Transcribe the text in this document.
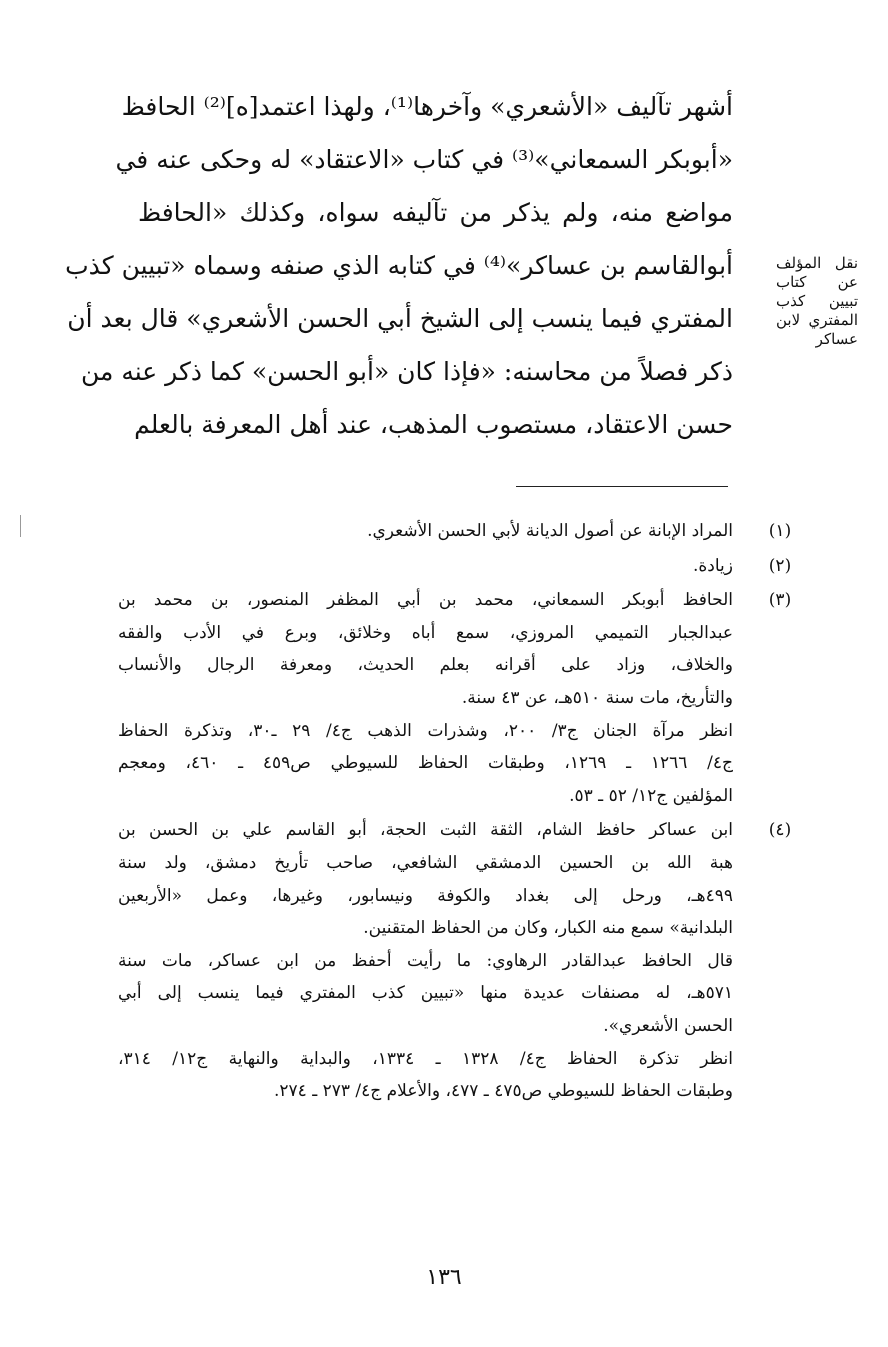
أشهر تآليف «الأشعري» وآخرها⁽¹⁾، ولهذا اعتمد[ه]⁽²⁾ الحافظ
«أبوبكر السمعاني»⁽³⁾ في كتاب «الاعتقاد» له وحكى عنه في
مواضع منه، ولم يذكر من تآليفه سواه، وكذلك «الحافظ
أبوالقاسم بن عساكر»⁽⁴⁾ في كتابه الذي صنفه وسماه «تبيين كذب
المفتري فيما ينسب إلى الشيخ أبي الحسن الأشعري» قال بعد أن
ذكر فصلاً من محاسنه: «فإذا كان «أبو الحسن» كما ذكر عنه من
حسن الاعتقاد، مستصوب المذهب، عند أهل المعرفة بالعلم
نقل المؤلف
عن كتاب
تبيين كذب
المفتري لابن
عساكر
(١)
المراد الإبانة عن أصول الديانة لأبي الحسن الأشعري.
(٢)
زيادة.
(٣)
الحافظ أبوبكر السمعاني، محمد بن أبي المظفر المنصور، بن محمد بن
عبدالجبار التميمي المروزي، سمع أباه وخلائق، وبرع في الأدب والفقه
والخلاف، وزاد على أقرانه بعلم الحديث، ومعرفة الرجال والأنساب
والتأريخ، مات سنة ٥١٠هـ، عن ٤٣ سنة.
انظر مرآة الجنان ج٣/ ٢٠٠، وشذرات الذهب ج٤/ ٢٩ ـ٣٠، وتذكرة الحفاظ
ج٤/ ١٢٦٦ ـ ١٢٦٩، وطبقات الحفاظ للسيوطي ص٤٥٩ ـ ٤٦٠، ومعجم
المؤلفين ج١٢/ ٥٢ ـ ٥٣.
(٤)
ابن عساكر حافظ الشام، الثقة الثبت الحجة، أبو القاسم علي بن الحسن بن
هبة الله بن الحسين الدمشقي الشافعي، صاحب تأريخ دمشق، ولد سنة
٤٩٩هـ، ورحل إلى بغداد والكوفة ونيسابور، وغيرها، وعمل «الأربعين
البلدانية» سمع منه الكبار، وكان من الحفاظ المتقنين.
قال الحافظ عبدالقادر الرهاوي: ما رأيت أحفظ من ابن عساكر، مات سنة
٥٧١هـ، له مصنفات عديدة منها «تبيين كذب المفتري فيما ينسب إلى أبي
الحسن الأشعري».
انظر تذكرة الحفاظ ج٤/ ١٣٢٨ ـ ١٣٣٤، والبداية والنهاية ج١٢/ ٣١٤،
وطبقات الحفاظ للسيوطي ص٤٧٥ ـ ٤٧٧، والأعلام ج٤/ ٢٧٣ ـ ٢٧٤.
١٣٦
